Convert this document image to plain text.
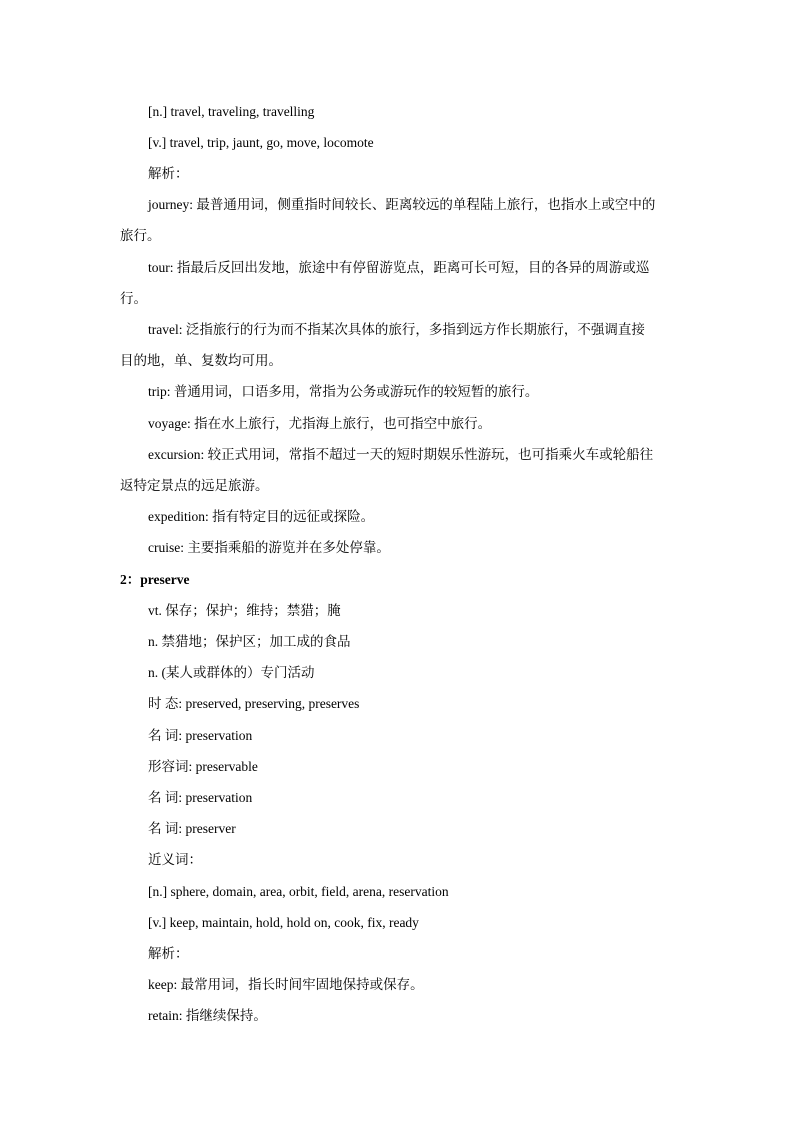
[n.] travel, traveling, travelling
[v.] travel, trip, jaunt, go, move, locomote
解析：
journey: 最普通用词，侧重指时间较长、距离较远的单程陆上旅行，也指水上或空中的
旅行。
tour: 指最后反回出发地，旅途中有停留游览点，距离可长可短，目的各异的周游或巡
行。
travel: 泛指旅行的行为而不指某次具体的旅行，多指到远方作长期旅行，不强调直接
目的地，单、复数均可用。
trip: 普通用词，口语多用，常指为公务或游玩作的较短暂的旅行。
voyage: 指在水上旅行，尤指海上旅行，也可指空中旅行。
excursion: 较正式用词，常指不超过一天的短时期娱乐性游玩，也可指乘火车或轮船往
返特定景点的远足旅游。
expedition: 指有特定目的远征或探险。
cruise: 主要指乘船的游览并在多处停靠。
2：preserve
vt. 保存；保护；维持；禁猎；腌
n. 禁猎地；保护区；加工成的食品
n. (某人或群体的）专门活动
时 态: preserved, preserving, preserves
名 词: preservation
形容词: preservable
名 词: preservation
名 词: preserver
近义词：
[n.] sphere, domain, area, orbit, field, arena, reservation
[v.] keep, maintain, hold, hold on, cook, fix, ready
解析：
keep: 最常用词，指长时间牢固地保持或保存。
retain: 指继续保持。
